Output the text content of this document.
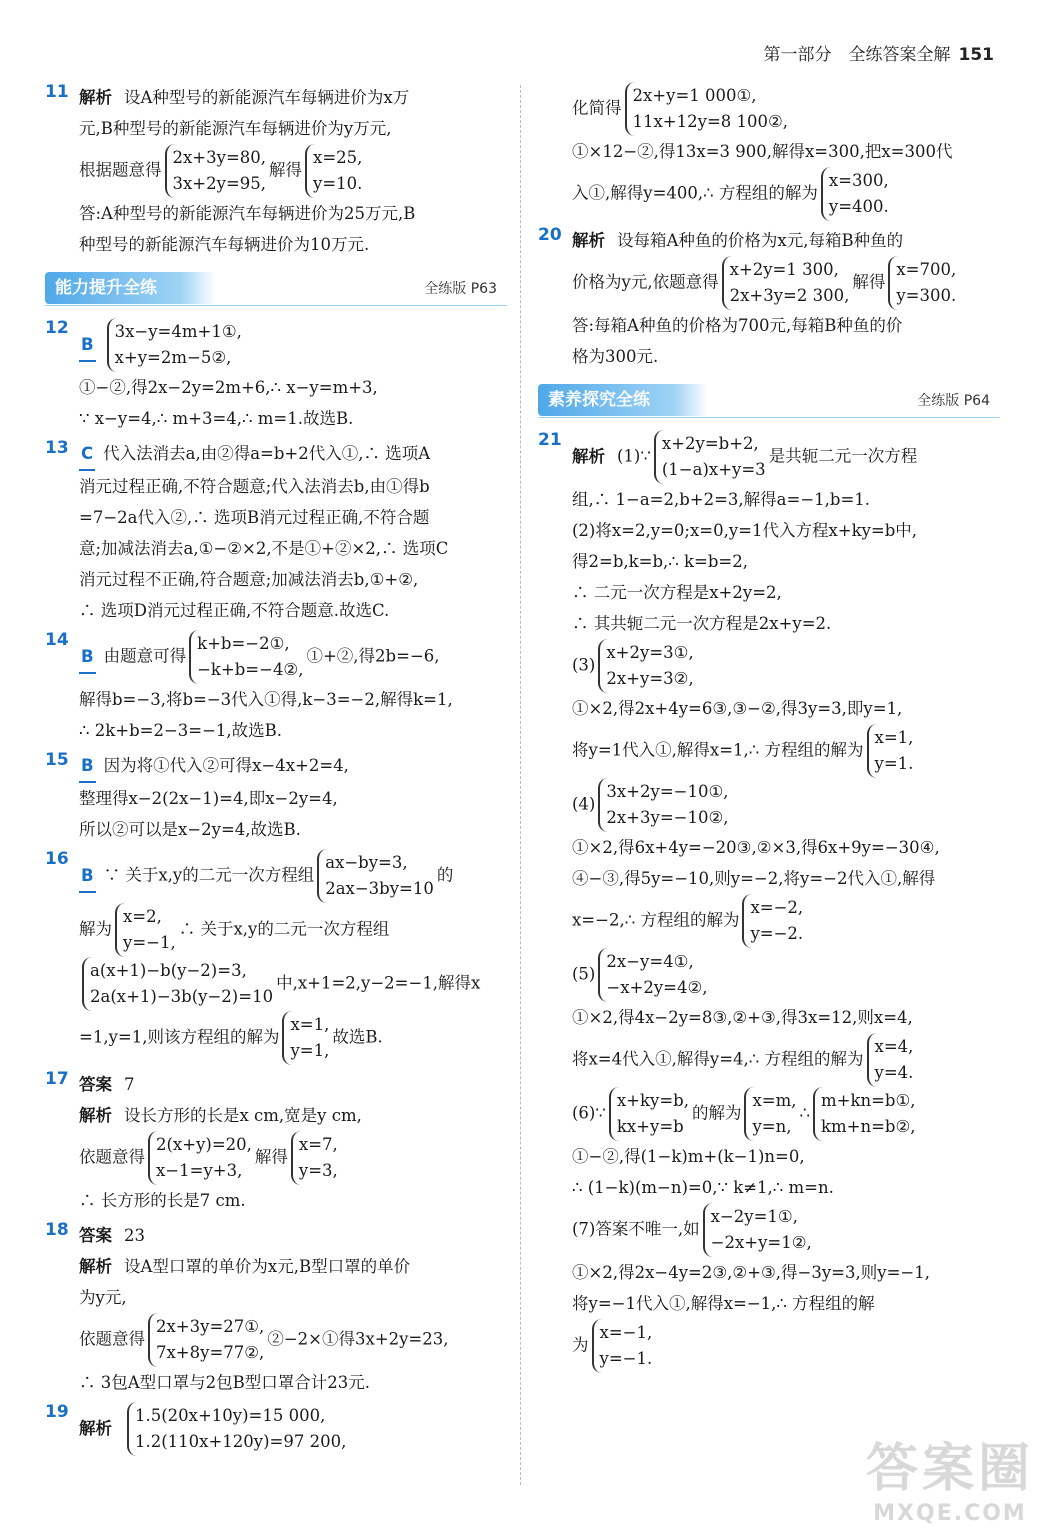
第一部分　全练答案全解 151
11 解析 设A种型号的新能源汽车每辆进价为x万
元,B种型号的新能源汽车每辆进价为y万元,
根据题意得
2x+3y=80,
3x+2y=95,
解得
x=25,
y=10.
答:A种型号的新能源汽车每辆进价为25万元,B
种型号的新能源汽车每辆进价为10万元.
能力提升全练	全练版 P63
12
B
3x−y=4m+1①,
x+y=2m−5②,
①−②,得2x−2y=2m+6,∴ x−y=m+3,
∵ x−y=4,∴ m+3=4,∴ m=1.故选B.
13 C 代入法消去a,由②得a=b+2代入①,∴ 选项A
消元过程正确,不符合题意;代入法消去b,由①得b
=7−2a代入②,∴ 选项B消元过程正确,不符合题
意;加减法消去a,①−②×2,不是①+②×2,∴ 选项C
消元过程不正确,符合题意;加减法消去b,①+②,
∴ 选项D消元过程正确,不符合题意.故选C.
14
B 由题意可得
k+b=−2①,
−k+b=−4②,
①+②,得2b=−6,
解得b=−3,将b=−3代入①得,k−3=−2,解得k=1,
∴ 2k+b=2−3=−1,故选B.
15 B 因为将①代入②可得x−4x+2=4,
整理得x−2(2x−1)=4,即x−2y=4,
所以②可以是x−2y=4,故选B.
16
B ∵ 关于x,y的二元一次方程组
ax−by=3,
2ax−3by=10
的
解为
x=2,
y=−1,
∴ 关于x,y的二元一次方程组
a(x+1)−b(y−2)=3,
2a(x+1)−3b(y−2)=10
中,x+1=2,y−2=−1,解得x
=1,y=1,则该方程组的解为
x=1,
y=1,
故选B.
17 答案 7
解析 设长方形的长是x cm,宽是y cm,
依题意得
2(x+y)=20,
x−1=y+3,
解得
x=7,
y=3,
∴ 长方形的长是7 cm.
18 答案 23
解析 设A型口罩的单价为x元,B型口罩的单价
为y元,
依题意得
2x+3y=27①,
7x+8y=77②,
②−2×①得3x+2y=23,
∴ 3包A型口罩与2包B型口罩合计23元.
19
解析
1.5(20x+10y)=15 000,
1.2(110x+120y)=97 200,
化简得
2x+y=1 000①,
11x+12y=8 100②,
①×12−②,得13x=3 900,解得x=300,把x=300代
入①,解得y=400,∴ 方程组的解为
x=300,
y=400.
20 解析 设每箱A种鱼的价格为x元,每箱B种鱼的
价格为y元,依题意得
x+2y=1 300,
2x+3y=2 300,
解得
x=700,
y=300.
答:每箱A种鱼的价格为700元,每箱B种鱼的价
格为300元.
素养探究全练	全练版 P64
21
解析 (1)∵
x+2y=b+2,
(1−a)x+y=3
是共轭二元一次方程
组,∴ 1−a=2,b+2=3,解得a=−1,b=1.
(2)将x=2,y=0;x=0,y=1代入方程x+ky=b中,
得2=b,k=b,∴ k=b=2,
∴ 二元一次方程是x+2y=2,
∴ 其共轭二元一次方程是2x+y=2.
(3)
x+2y=3①,
2x+y=3②,
①×2,得2x+4y=6③,③−②,得3y=3,即y=1,
将y=1代入①,解得x=1,∴ 方程组的解为
x=1,
y=1.
(4)
3x+2y=−10①,
2x+3y=−10②,
①×2,得6x+4y=−20③,②×3,得6x+9y=−30④,
④−③,得5y=−10,则y=−2,将y=−2代入①,解得
x=−2,∴ 方程组的解为
x=−2,
y=−2.
(5)
2x−y=4①,
−x+2y=4②,
①×2,得4x−2y=8③,②+③,得3x=12,则x=4,
将x=4代入①,解得y=4,∴ 方程组的解为
x=4,
y=4.
(6)∵
x+ky=b,
kx+y=b
的解为
x=m,
y=n,
∴
m+kn=b①,
km+n=b②,
①−②,得(1−k)m+(k−1)n=0,
∴ (1−k)(m−n)=0,∵ k≠1,∴ m=n.
(7)答案不唯一,如
x−2y=1①,
−2x+y=1②,
①×2,得2x−4y=2③,②+③,得−3y=3,则y=−1,
将y=−1代入①,解得x=−1,∴ 方程组的解
为
x=−1,
y=−1.
答案圈
MXQE.COM
